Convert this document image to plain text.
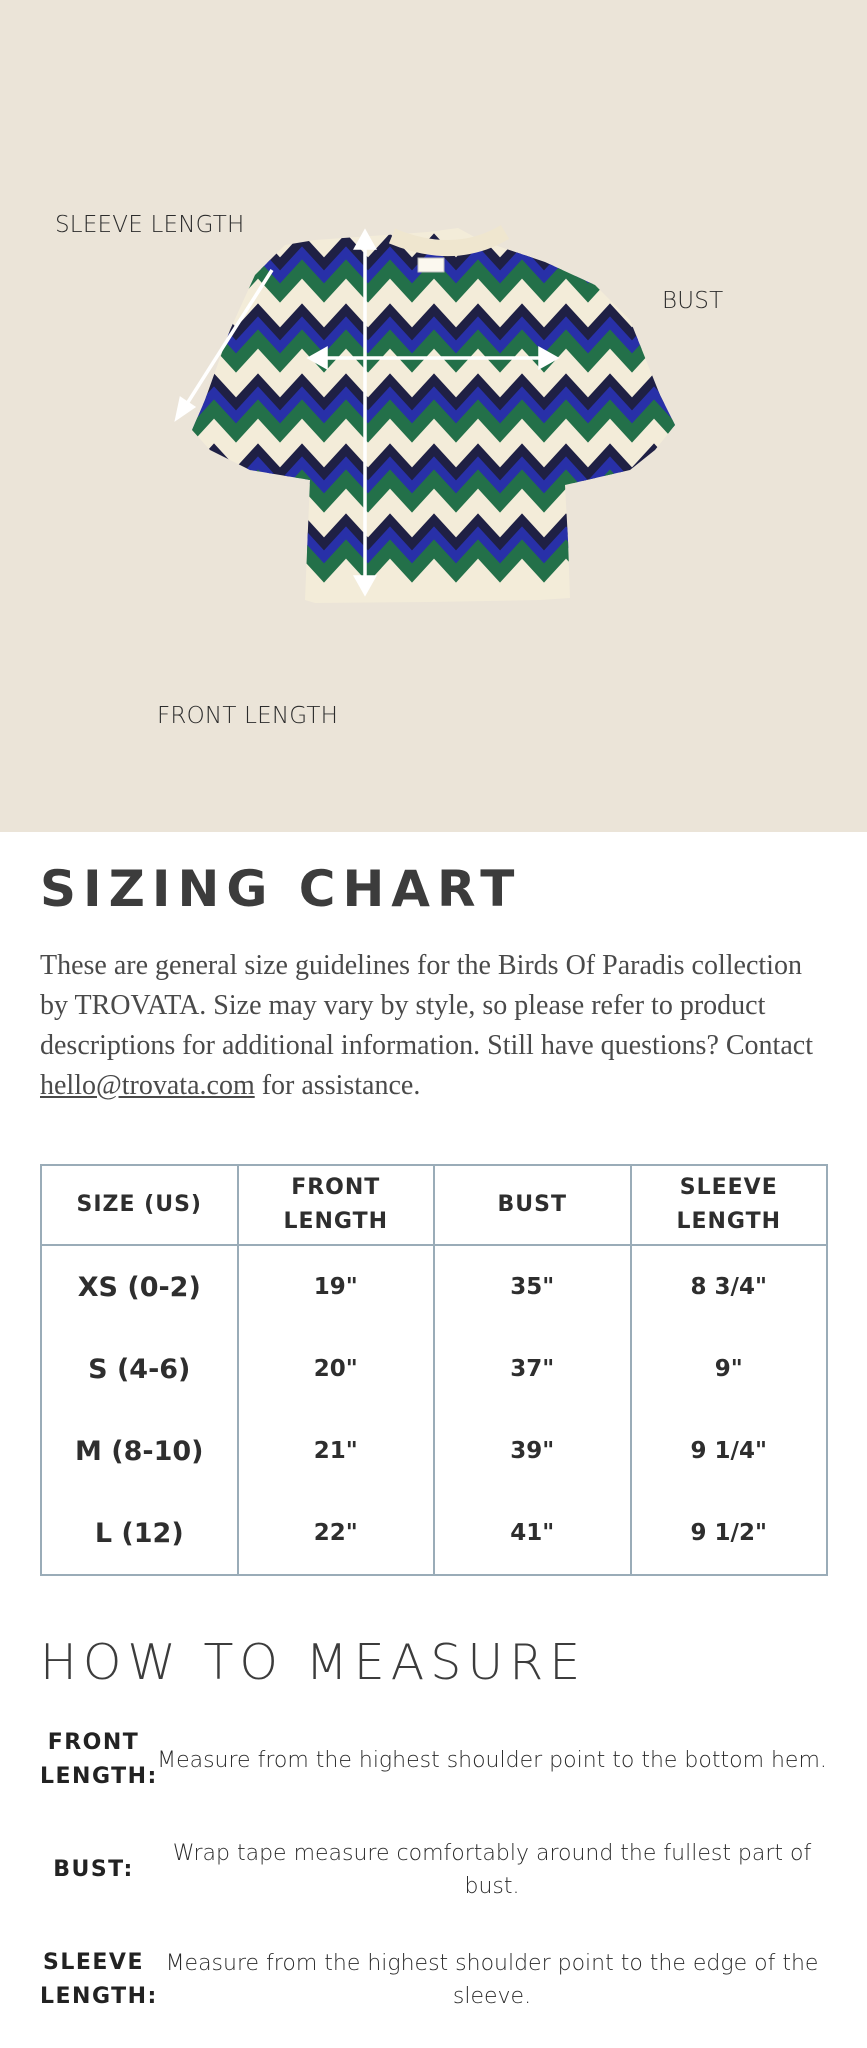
SLEEVE LENGTH
BUST
FRONT LENGTH
SIZING CHART

These are general size guidelines for the Birds Of Paradis collection by TROVATA. Size may vary by style, so please refer to product descriptions for additional information. Still have questions? Contact hello@trovata.com for assistance.

SIZE (US)	FRONT LENGTH	BUST	SLEEVE LENGTH
XS (0-2)	19"	35"	8 3/4"
S (4-6)	20"	37"	9"
M (8-10)	21"	39"	9 1/4"
L (12)	22"	41"	9 1/2"
HOW TO MEASURE
FRONT LENGTH:
Measure from the highest shoulder point to the bottom hem.
BUST:
Wrap tape measure comfortably around the fullest part of bust.
SLEEVE LENGTH:
Measure from the highest shoulder point to the edge of the sleeve.
